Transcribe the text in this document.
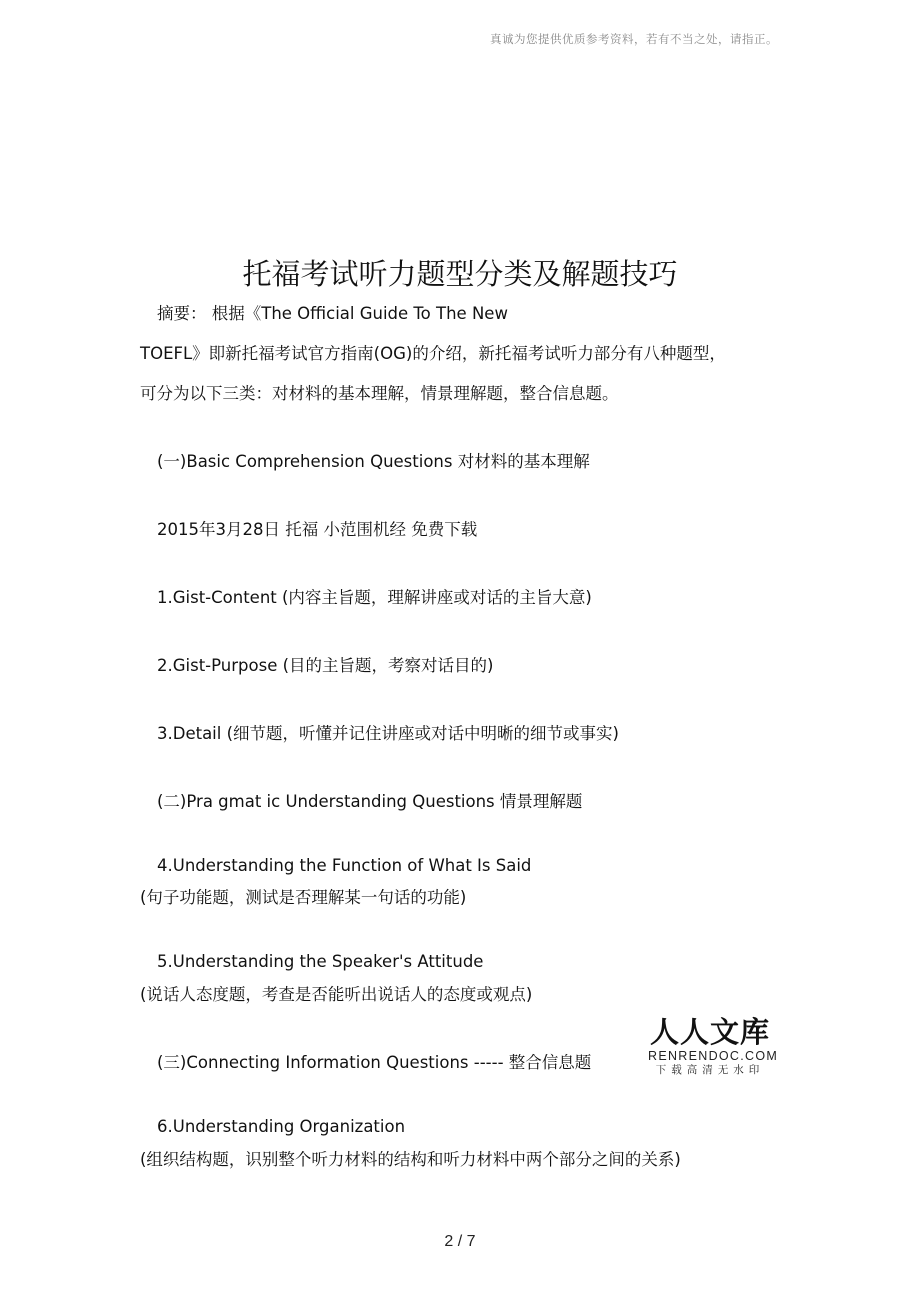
真诚为您提供优质参考资料，若有不当之处，请指正。
托福考试听力题型分类及解题技巧
摘要： 根据《The Official Guide To The New
TOEFL》即新托福考试官方指南(OG)的介绍，新托福考试听力部分有八种题型，
可分为以下三类：对材料的基本理解，情景理解题，整合信息题。
(一)Basic Comprehension Questions 对材料的基本理解
2015年3月28日 托福 小范围机经 免费下载
1.Gist-Content (内容主旨题，理解讲座或对话的主旨大意)
2.Gist-Purpose (目的主旨题，考察对话目的)
3.Detail (细节题，听懂并记住讲座或对话中明晰的细节或事实)
(二)Pra gmat ic Understanding Questions 情景理解题
4.Understanding the Function of What Is Said
(句子功能题，测试是否理解某一句话的功能)
5.Understanding the Speaker's Attitude
(说话人态度题，考查是否能听出说话人的态度或观点)
(三)Connecting Information Questions ----- 整合信息题
6.Understanding Organization
(组织结构题，识别整个听力材料的结构和听力材料中两个部分之间的关系)
人人文库
RENRENDOC.COM
下载高清无水印
2 / 7
